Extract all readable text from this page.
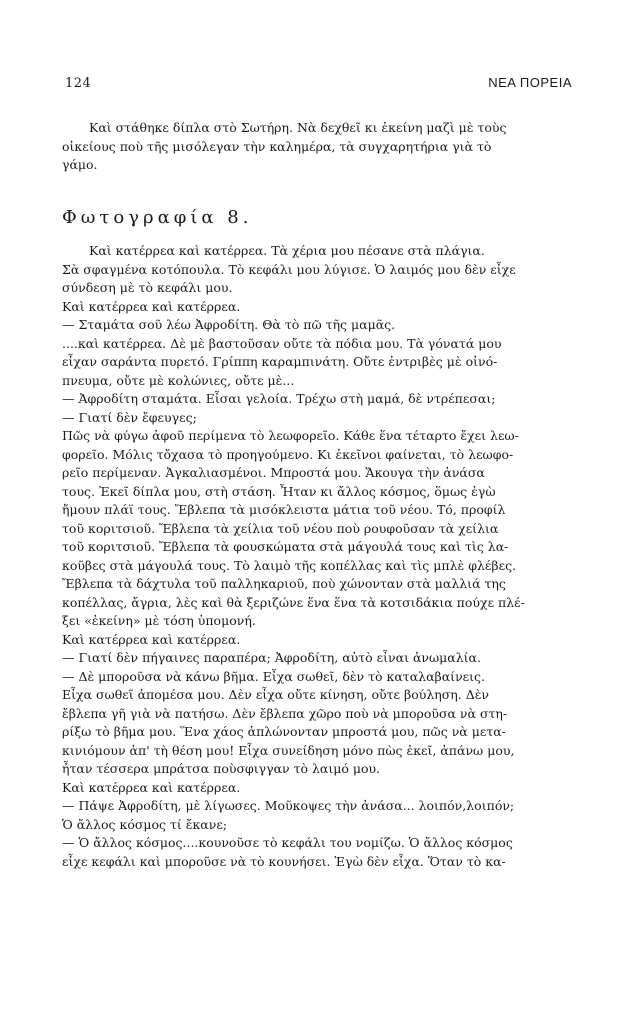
124	ΝΕΑ ΠΟΡΕΙΑ
Καὶ στάθηκε δίπλα στὸ Σωτήρη. Νὰ δεχθεῖ κι ἐκείνη μαζὶ μὲ τοὺς
οἰκείους ποὺ τῆς μισόλεγαν τὴν καλημέρα, τὰ συγχαρητήρια γιὰ τὸ
γάμο.
Φωτογραφία 8.
Καὶ κατέρρεα καὶ κατέρρεα. Τὰ χέρια μου πέσανε στὰ πλάγια.
Σὰ σφαγμένα κοτόπουλα. Τὸ κεφάλι μου λύγισε. Ὁ λαιμός μου δὲν εἶχε
σύνδεση μὲ τὸ κεφάλι μου.
Καὶ κατέρρεα καὶ κατέρρεα.
— Σταμάτα σοῦ λέω Ἀφροδίτη. Θὰ τὸ πῶ τῆς μαμᾶς.
....καὶ κατέρρεα. Δὲ μὲ βαστοῦσαν οὔτε τὰ πόδια μου. Τὰ γόνατά μου
εἶχαν σαράντα πυρετό. Γρίππη καραμπινάτη. Οὔτε ἐντριβὲς μὲ οἰνό-
πνευμα, οὔτε μὲ κολώνιες, οὔτε μὲ...
— Ἀφροδίτη σταμάτα. Εἶσαι γελοία. Τρέχω στὴ μαμά, δὲ ντρέπεσαι;
— Γιατί δὲν ἔφευγες;
Πῶς νὰ φύγω ἀφοῦ περίμενα τὸ λεωφορεῖο. Κάθε ἕνα τέταρτο ἔχει λεω-
φορεῖο. Μόλις τὄχασα τὸ προηγούμενο. Κι ἐκεῖνοι φαίνεται, τὸ λεωφο-
ρεῖο περίμεναν. Ἀγκαλιασμένοι. Μπροστά μου. Ἄκουγα τὴν ἀνάσα
τους. Ἐκεῖ δίπλα μου, στὴ στάση. Ἦταν κι ἄλλος κόσμος, ὅμως ἐγὼ
ἤμουν πλάϊ τους. Ἔβλεπα τὰ μισόκλειστα μάτια τοῦ νέου. Τό, προφίλ
τοῦ κοριτσιοῦ. Ἔβλεπα τὰ χείλια τοῦ νέου ποὺ ρουφοῦσαν τὰ χείλια
τοῦ κοριτσιοῦ. Ἔβλεπα τὰ φουσκώματα στὰ μάγουλά τους καὶ τὶς λα-
κοῦβες στὰ μάγουλά τους. Τὸ λαιμὸ τῆς κοπέλλας καὶ τὶς μπλὲ φλέβες.
Ἔβλεπα τὰ δάχτυλα τοῦ παλληκαριοῦ, ποὺ χώνονταν στὰ μαλλιά της
κοπέλλας, ἄγρια, λὲς καὶ θὰ ξεριζώνε ἕνα ἕνα τὰ κοτσιδάκια πούχε πλέ-
ξει «ἐκείνη» μὲ τόση ὑπομονή.
Καὶ κατέρρεα καὶ κατέρρεα.
— Γιατί δὲν πήγαινες παραπέρα; Ἀφροδίτη, αὐτὸ εἶναι ἀνωμαλία.
— Δὲ μποροῦσα νὰ κάνω βῆμα. Εἶχα σωθεῖ, δὲν τὸ καταλαβαίνεις.
Εἶχα σωθεῖ ἀπομέσα μου. Δὲν εἶχα οὔτε κίνηση, οὔτε βούληση. Δὲν
ἔβλεπα γῆ γιὰ νὰ πατήσω. Δὲν ἔβλεπα χῶρο ποὺ νὰ μποροῦσα νὰ στη-
ρίξω τὸ βῆμα μου. Ἕνα χάος ἁπλώνονταν μπροστά μου, πῶς νὰ μετα-
κινιόμουν ἀπ' τὴ θέση μου! Εἶχα συνείδηση μόνο πὼς ἐκεῖ, ἀπάνω μου,
ἦταν τέσσερα μπράτσα ποὺσφιγγαν τὸ λαιμό μου.
Καὶ κατέρρεα καὶ κατέρρεα.
— Πάψε Ἀφροδίτη, μὲ λίγωσες. Μοῦκοψες τὴν ἀνάσα... λοιπόν,λοιπόν;
Ὁ ἄλλος κόσμος τί ἔκανε;
— Ὁ ἄλλος κόσμος....κουνοῦσε τὸ κεφάλι του νομίζω. Ὁ ἄλλος κόσμος
εἶχε κεφάλι καὶ μποροῦσε νὰ τὸ κουνήσει. Ἐγὼ δὲν εἶχα. Ὅταν τὸ κα-
